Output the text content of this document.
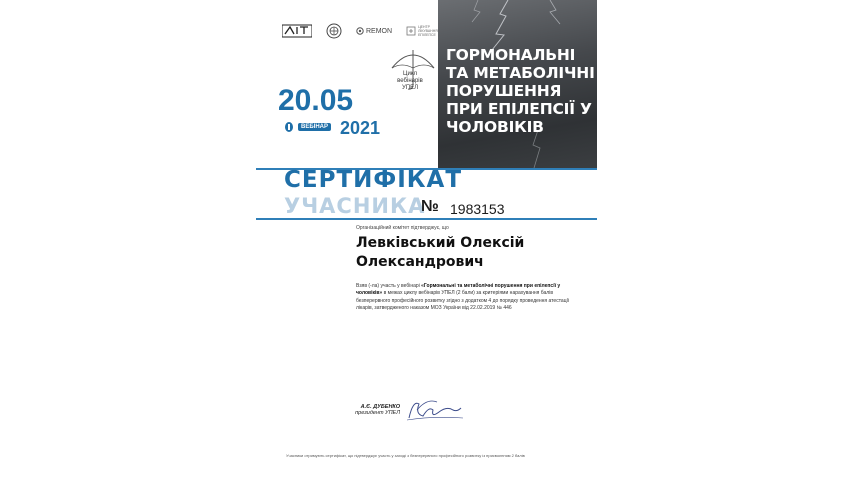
REMON
ЦЕНТР ЛІКУВАННЯ ЕПІЛЕПСІЇ
Цикл вебінарів УПЕЛ
20.05
ВЕБІНАР 2021
ГОРМОНАЛЬНІ ТА МЕТАБОЛІЧНІ ПОРУШЕННЯ ПРИ ЕПІЛЕПСІЇ У ЧОЛОВІКІВ
СЕРТИФІКАТ
УЧАСНИКА
№ 1983153
Організаційний комітет підтверджує, що
Левківський Олексій
Олександрович
Взяв (-ла) участь у вебінарі «Гормональні та метаболічні порушення при епілепсії у чоловіків» в межах циклу вебінарів УПЕЛ (2 бали) за критеріями нарахування балів безперервного професійного розвитку згідно з додатком 4 до порядку проведення атестації лікарів, затвердженого наказом МОЗ України від 22.02.2019 № 446
А.Є. ДУБЕНКО
президент УПЕЛ
Учасники отримують сертифікат, що підтверджує участь у заході з безперервного професійного розвитку із присвоєнням 2 балів
